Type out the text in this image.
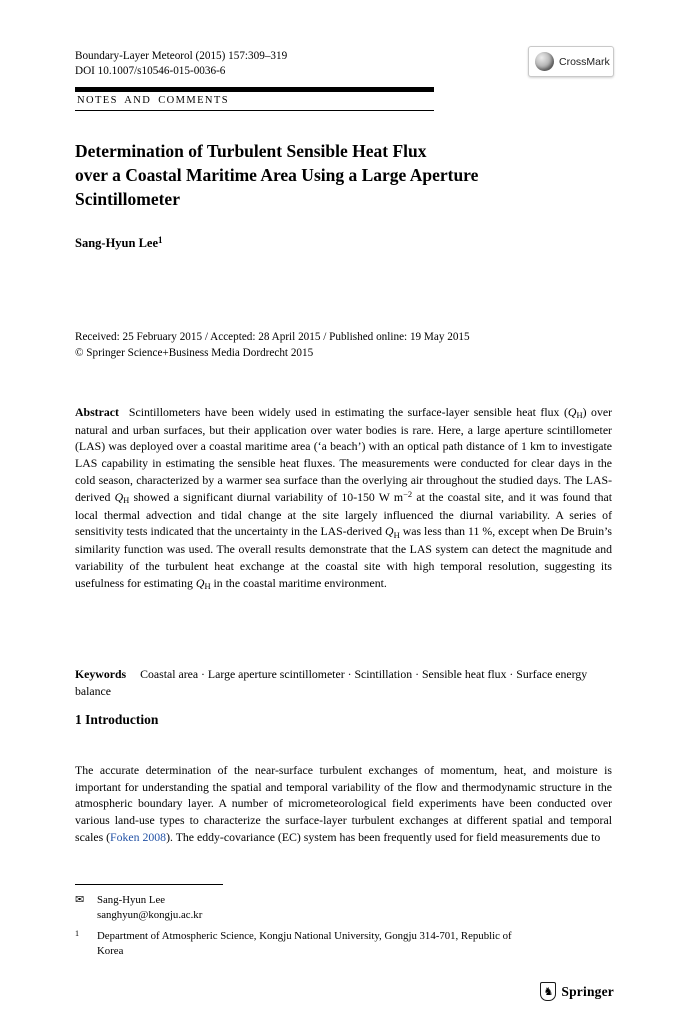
Boundary-Layer Meteorol (2015) 157:309–319
DOI 10.1007/s10546-015-0036-6
CrossMark
NOTES AND COMMENTS
Determination of Turbulent Sensible Heat Flux
over a Coastal Maritime Area Using a Large Aperture
Scintillometer
Sang-Hyun Lee$^1$
Received: 25 February 2015 / Accepted: 28 April 2015 / Published online: 19 May 2015
© Springer Science+Business Media Dordrecht 2015

Abstract Scintillometers have been widely used in estimating the surface-layer sensible heat flux $(Q_H)$ over natural and urban surfaces, but their application over water bodies is rare. Here, a large aperture scintillometer (LAS) was deployed over a coastal maritime area (‘a beach’) with an optical path distance of 1 km to investigate LAS capability in estimating the sensible heat fluxes. The measurements were conducted for clear days in the cold season, characterized by a warmer sea surface than the overlying air throughout the studied days. The LAS-derived $Q_H$ showed a significant diurnal variability of 10-150 W $m^{-2}$ at the coastal site, and it was found that local thermal advection and tidal change at the site largely influenced the diurnal variability. A series of sensitivity tests indicated that the uncertainty in the LAS-derived $Q_H$ was less than 11 %, except when De Bruin’s similarity function was used. The overall results demonstrate that the LAS system can detect the magnitude and variability of the turbulent heat exchange at the coastal site with high temporal resolution, suggesting its usefulness for estimating $Q_H$ in the coastal maritime environment.

Keywords Coastal area · Large aperture scintillometer · Scintillation · Sensible heat flux · Surface energy balance

1 Introduction

The accurate determination of the near-surface turbulent exchanges of momentum, heat, and moisture is important for understanding the spatial and temporal variability of the flow and thermodynamic structure in the atmospheric boundary layer. A number of micrometeorological field experiments have been conducted over various land-use types to characterize the surface-layer turbulent exchanges at different spatial and temporal scales (Foken 2008). The eddy-covariance (EC) system has been frequently used for field measurements due to

✉	Sang-Hyun Lee
sanghyun@kongju.ac.kr
$^1$	Department of Atmospheric Science, Kongju National University, Gongju 314-701, Republic of Korea
♞ Springer
